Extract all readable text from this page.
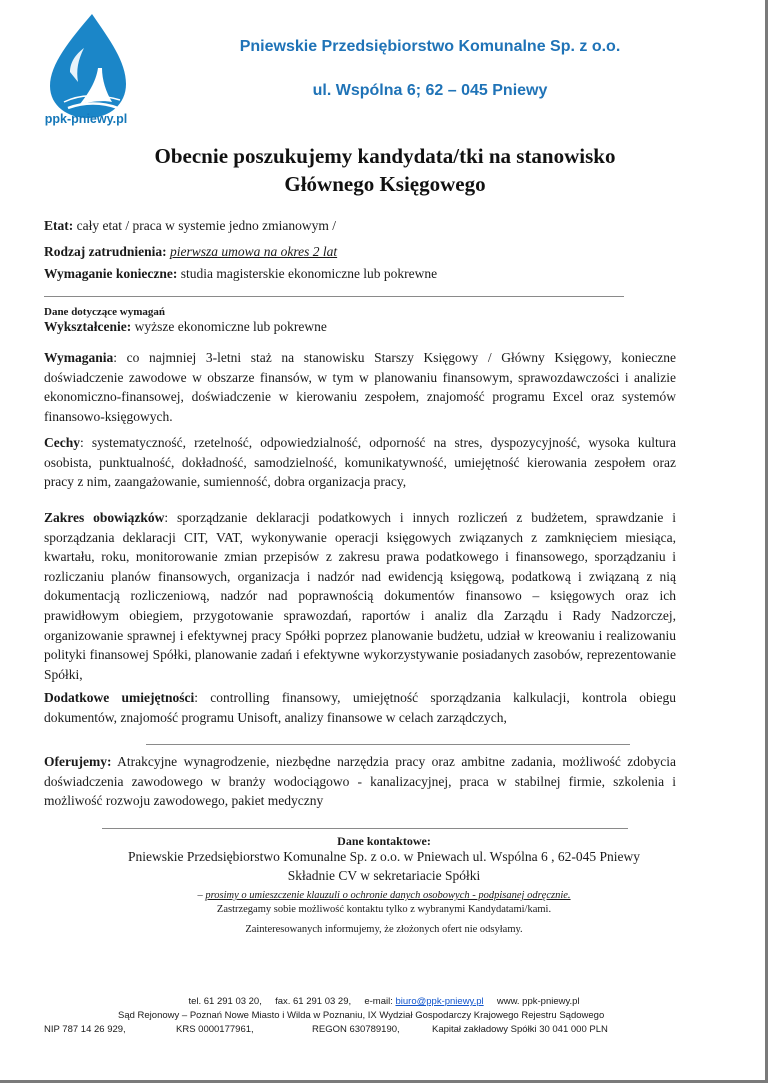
ppk-pniewy.pl
Pniewskie Przedsiębiorstwo Komunalne Sp. z o.o.
ul. Wspólna 6; 62 – 045 Pniewy
Obecnie poszukujemy kandydata/tki na stanowisko
Głównego Księgowego
Etat: cały etat / praca w systemie jedno zmianowym /
Rodzaj zatrudnienia: pierwsza umowa na okres 2 lat
Wymaganie konieczne: studia magisterskie ekonomiczne lub pokrewne
Dane dotyczące wymagań
Wykształcenie: wyższe ekonomiczne lub pokrewne
Wymagania: co najmniej 3-letni staż na stanowisku Starszy Księgowy / Główny Księgowy, konieczne doświadczenie zawodowe w obszarze finansów, w tym w planowaniu finansowym, sprawozdawczości i analizie ekonomiczno-finansowej, doświadczenie w kierowaniu zespołem, znajomość programu Excel oraz systemów finansowo-księgowych.
Cechy: systematyczność, rzetelność, odpowiedzialność, odporność na stres, dyspozycyjność, wysoka kultura osobista, punktualność, dokładność, samodzielność, komunikatywność, umiejętność kierowania zespołem oraz pracy z nim, zaangażowanie, sumienność, dobra organizacja pracy,
Zakres obowiązków: sporządzanie deklaracji podatkowych i innych rozliczeń z budżetem, sprawdzanie i sporządzania deklaracji CIT, VAT, wykonywanie operacji księgowych związanych z zamknięciem miesiąca, kwartału, roku, monitorowanie zmian przepisów z zakresu prawa podatkowego i finansowego, sporządzaniu i rozliczaniu planów finansowych, organizacja i nadzór nad ewidencją księgową, podatkową i związaną z nią dokumentacją rozliczeniową, nadzór nad poprawnością dokumentów finansowo – księgowych oraz ich prawidłowym obiegiem, przygotowanie sprawozdań, raportów i analiz dla Zarządu i Rady Nadzorczej, organizowanie sprawnej i efektywnej pracy Spółki poprzez planowanie budżetu, udział w kreowaniu i realizowaniu polityki finansowej Spółki, planowanie zadań i efektywne wykorzystywanie posiadanych zasobów, reprezentowanie Spółki,
Dodatkowe umiejętności: controlling finansowy, umiejętność sporządzania kalkulacji, kontrola obiegu dokumentów, znajomość programu Unisoft, analizy finansowe w celach zarządczych,
Oferujemy: Atrakcyjne wynagrodzenie, niezbędne narzędzia pracy oraz ambitne zadania, możliwość zdobycia doświadczenia zawodowego w branży wodociągowo - kanalizacyjnej, praca w stabilnej firmie, szkolenia i możliwość rozwoju zawodowego, pakiet medyczny
Dane kontaktowe:
Pniewskie Przedsiębiorstwo Komunalne Sp. z o.o. w Pniewach ul. Wspólna 6 , 62-045 Pniewy
Składnie CV w sekretariacie Spółki
– prosimy o umieszczenie klauzuli o ochronie danych osobowych - podpisanej odręcznie.
Zastrzegamy sobie możliwość kontaktu tylko z wybranymi Kandydatami/kami.
Zainteresowanych informujemy, że złożonych ofert nie odsyłamy.
tel. 61 291 03 20, fax. 61 291 03 29, e-mail: biuro@ppk-pniewy.pl www. ppk-pniewy.pl
Sąd Rejonowy – Poznań Nowe Miasto i Wilda w Poznaniu, IX Wydział Gospodarczy Krajowego Rejestru Sądowego
NIP 787 14 26 929,	KRS 0000177961,	REGON 630789190,	Kapitał zakładowy Spółki 30 041 000 PLN
